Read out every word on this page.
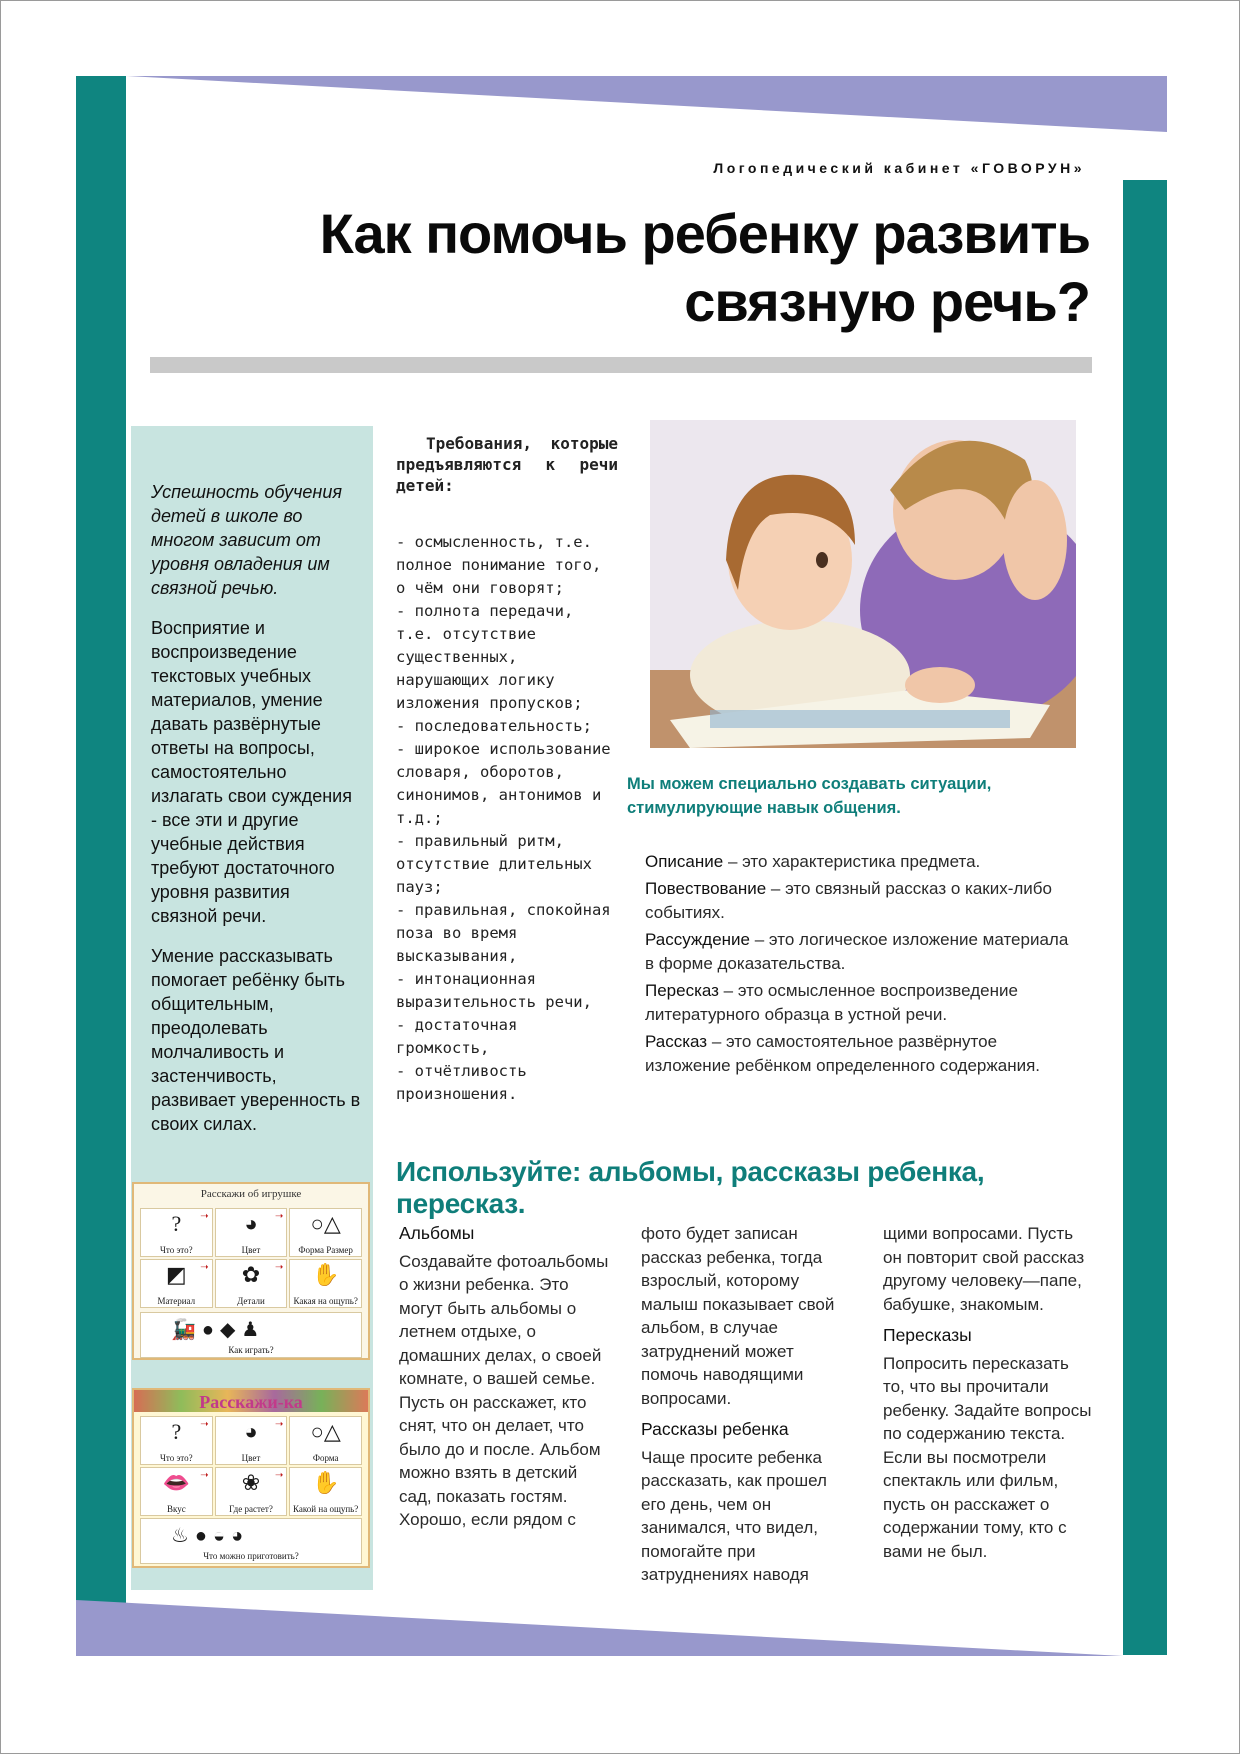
Логопедический кабинет «ГОВОРУН»
Как помочь ребенку развить
связную речь?

Успешность обучения детей в школе во многом зависит от уровня овладения им связной речью.

Восприятие и воспроизведение текстовых учебных материалов, умение давать развёрнутые ответы на вопросы, самостоятельно излагать свои суждения - все эти и другие учебные действия требуют достаточного уровня развития связной речи.

Умение рассказывать помогает ребёнку быть общительным, преодолевать молчаливость и застенчивость, развивает уверенность в своих силах.

Расскажи об игрушке
➝
?
Что это?
➝
◕
Цвет
○△
Форма Размер
➝
◩
Материал
➝
✿
Детали
✋
Какая на ощупь?
🚂●◆♟
Как играть?
Расскажи-ка
➝
?
Что это?
➝
◕
Цвет
○△
Форма
➝
👄
Вкус
➝
❀
Где растет?
✋
Какой на ощупь?
♨●◒◕
Что можно приготовить?
Требования, которые предъявляются к речи детей:
- осмысленность, т.е. полное понимание того, о чём они говорят;
- полнота передачи, т.е. отсутствие существенных, нарушающих логику изложения пропусков;
- последовательность;
- широкое использование словаря, оборотов, синонимов, антонимов и т.д.;
- правильный ритм, отсутствие длительных пауз;
- правильная, спокойная поза во время высказывания,
- интонационная выразительность речи,
- достаточная громкость,
- отчётливость произношения.
Мы можем специально создавать ситуации, стимулирующие навык общения.

Описание – это характеристика предмета.

Повествование – это связный рассказ о каких-либо событиях.

Рассуждение – это логическое изложение материала в форме доказательства.

Пересказ – это осмысленное воспроизведение литературного образца в устной речи.

Рассказ – это самостоятельное развёрнутое изложение ребёнком определенного содержания.

Используйте: альбомы, рассказы ребенка, пересказ.

Альбомы

Создавайте фотоальбомы о жизни ребенка. Это могут быть альбомы о летнем отдыхе, о домашних делах, о своей комнате, о вашей семье. Пусть он расскажет, кто снят, что он делает, что было до и после. Альбом можно взять в детский сад, показать гостям. Хорошо, если рядом с

фото будет записан рассказ ребенка, тогда взрослый, которому малыш показывает свой альбом, в случае затруднений может помочь наводящими вопросами.

Рассказы ребенка

Чаще просите ребенка рассказать, как прошел его день, чем он занимался, что видел, помогайте при затруднениях наводя

щими вопросами. Пусть он повторит свой рассказ другому человеку—папе, бабушке, знакомым.

Пересказы

Попросить пересказать то, что вы прочитали ребенку. Задайте вопросы по содержанию текста. Если вы посмотрели спектакль или фильм, пусть он расскажет о содержании тому, кто с вами не был.
